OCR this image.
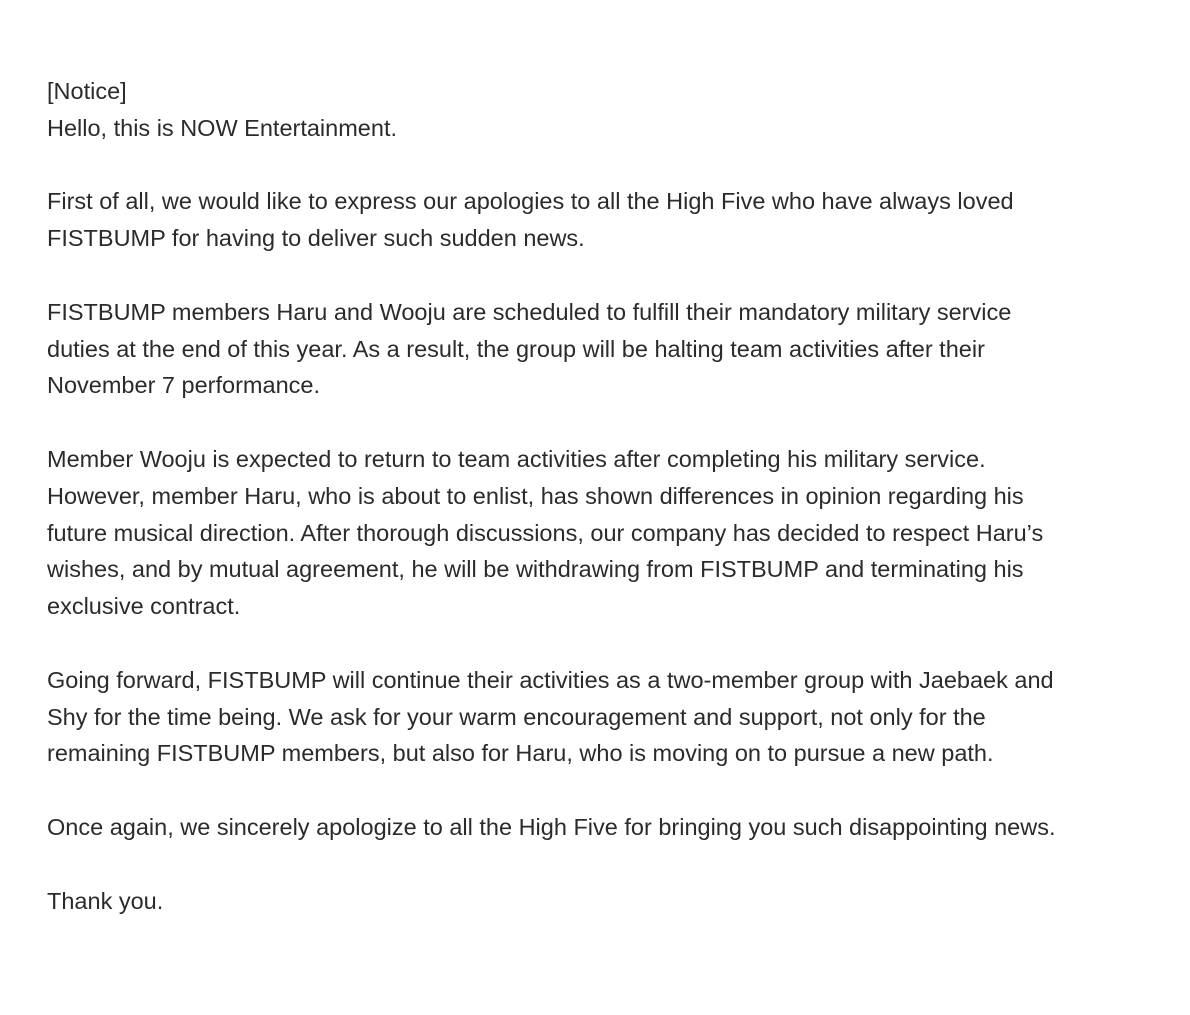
[Notice]

Hello, this is NOW Entertainment.

First of all, we would like to express our apologies to all the High Five who have always loved
FISTBUMP for having to deliver such sudden news.

FISTBUMP members Haru and Wooju are scheduled to fulfill their mandatory military service
duties at the end of this year. As a result, the group will be halting team activities after their
November 7 performance.

Member Wooju is expected to return to team activities after completing his military service.
However, member Haru, who is about to enlist, has shown differences in opinion regarding his
future musical direction. After thorough discussions, our company has decided to respect Haru’s
wishes, and by mutual agreement, he will be withdrawing from FISTBUMP and terminating his
exclusive contract.

Going forward, FISTBUMP will continue their activities as a two-member group with Jaebaek and
Shy for the time being. We ask for your warm encouragement and support, not only for the
remaining FISTBUMP members, but also for Haru, who is moving on to pursue a new path.

Once again, we sincerely apologize to all the High Five for bringing you such disappointing news.

Thank you.
